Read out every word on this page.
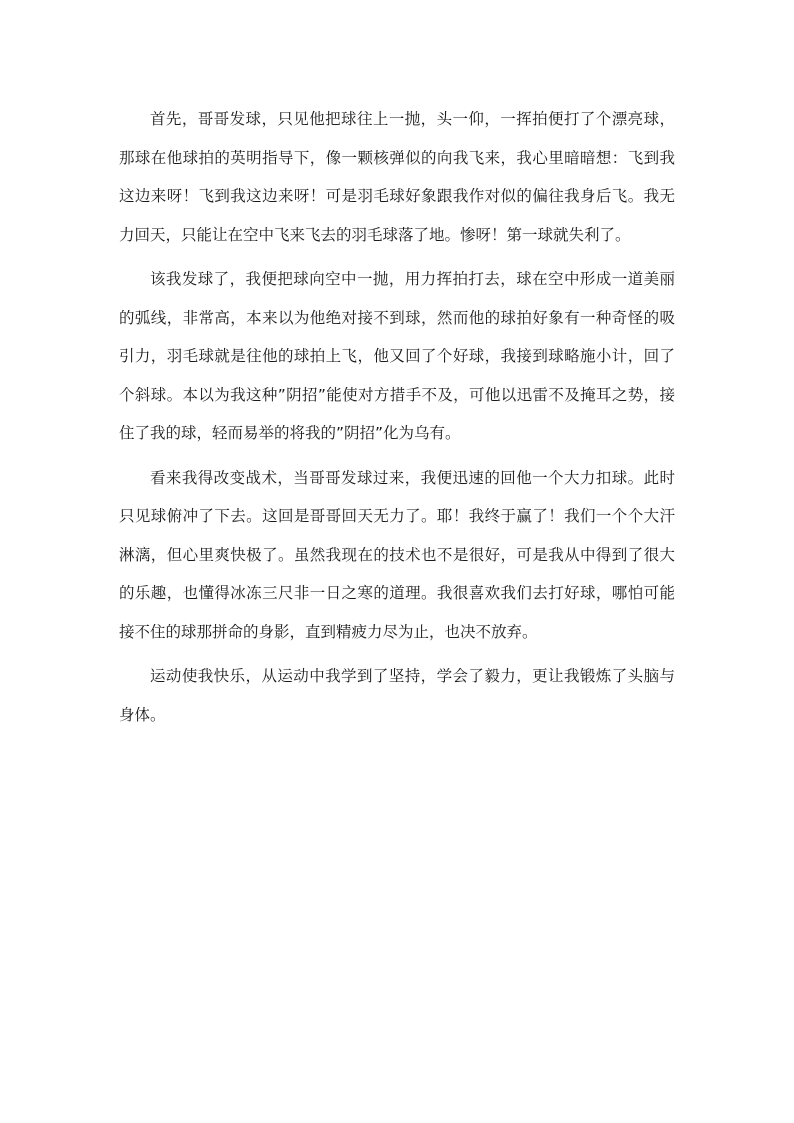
首先，哥哥发球，只见他把球往上一抛，头一仰，一挥拍便打了个漂亮球，那球在他球拍的英明指导下，像一颗核弹似的向我飞来，我心里暗暗想：飞到我这边来呀！飞到我这边来呀！可是羽毛球好象跟我作对似的偏往我身后飞。我无力回天，只能让在空中飞来飞去的羽毛球落了地。惨呀！第一球就失利了。

该我发球了，我便把球向空中一抛，用力挥拍打去，球在空中形成一道美丽的弧线，非常高，本来以为他绝对接不到球，然而他的球拍好象有一种奇怪的吸引力，羽毛球就是往他的球拍上飞，他又回了个好球，我接到球略施小计，回了个斜球。本以为我这种”阴招”能使对方措手不及，可他以迅雷不及掩耳之势，接住了我的球，轻而易举的将我的”阴招”化为乌有。

看来我得改变战术，当哥哥发球过来，我便迅速的回他一个大力扣球。此时只见球俯冲了下去。这回是哥哥回天无力了。耶！我终于赢了！我们一个个大汗淋漓，但心里爽快极了。虽然我现在的技术也不是很好，可是我从中得到了很大的乐趣，也懂得冰冻三尺非一日之寒的道理。我很喜欢我们去打好球，哪怕可能接不住的球那拼命的身影，直到精疲力尽为止，也决不放弃。

运动使我快乐，从运动中我学到了坚持，学会了毅力，更让我锻炼了头脑与身体。
